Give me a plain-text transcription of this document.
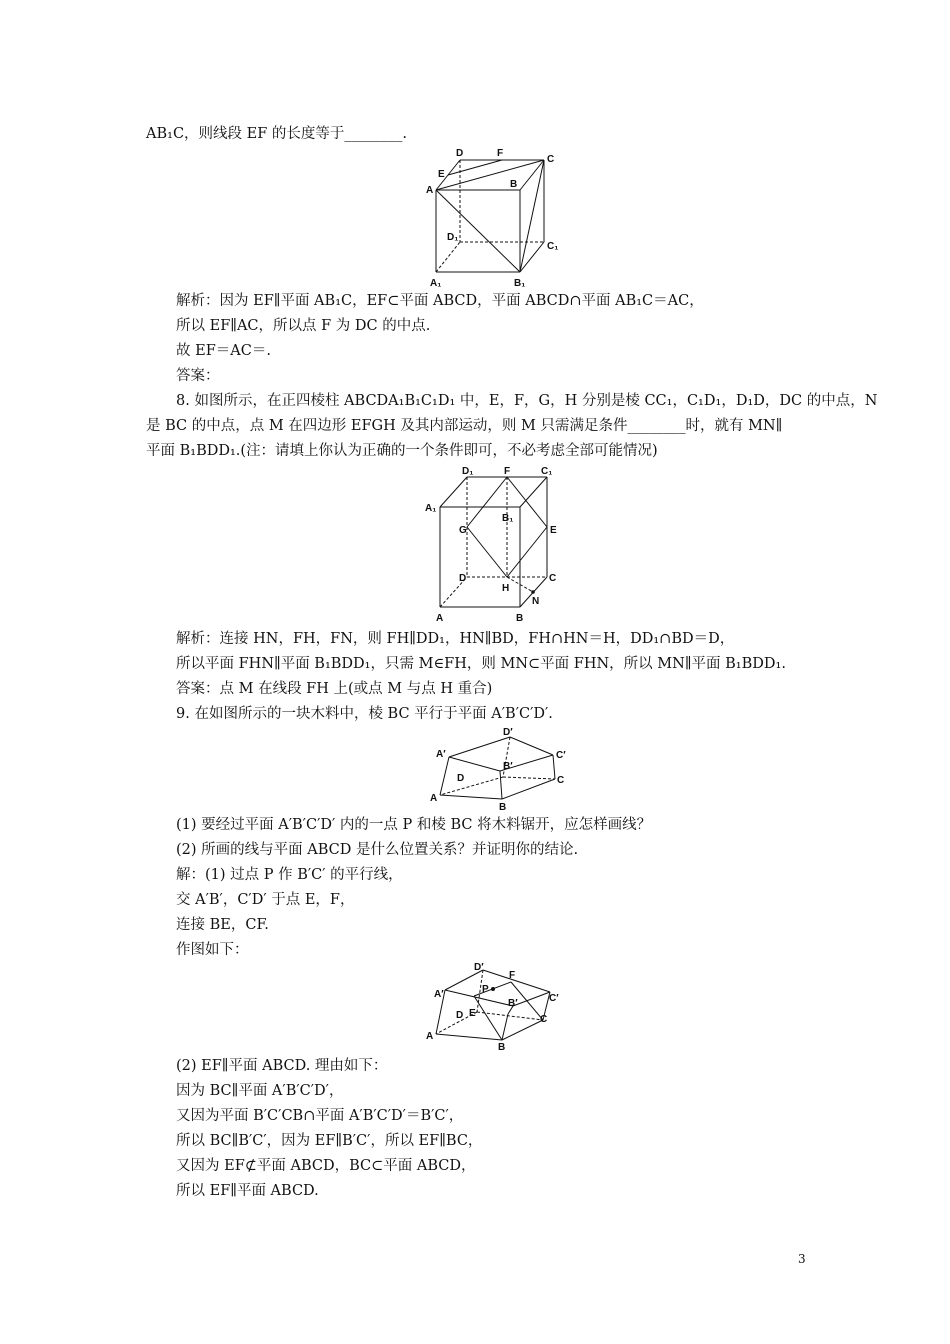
AB₁C，则线段 EF 的长度等于________.
D	F
C
E
A
B
D₁
C₁
A₁	B₁
解析：因为 EF∥平面 AB₁C，EF⊂平面 ABCD，平面 ABCD∩平面 AB₁C＝AC，
所以 EF∥AC，所以点 F 为 DC 的中点.
故 EF＝AC＝.
答案：
8. 如图所示，在正四棱柱 ABCDA₁B₁C₁D₁ 中，E，F，G，H 分别是棱 CC₁，C₁D₁，D₁D，DC 的中点，N
是 BC 的中点，点 M 在四边形 EFGH 及其内部运动，则 M 只需满足条件________时，就有 MN∥
平面 B₁BDD₁.(注：请填上你认为正确的一个条件即可，不必考虑全部可能情况)
D₁	F	C₁
A₁
B₁
G	E
D	C
H
N
A	B
解析：连接 HN，FH，FN，则 FH∥DD₁，HN∥BD，FH∩HN＝H，DD₁∩BD＝D，
所以平面 FHN∥平面 B₁BDD₁，只需 M∈FH，则 MN⊂平面 FHN，所以 MN∥平面 B₁BDD₁.
答案：点 M 在线段 FH 上(或点 M 与点 H 重合)
9. 在如图所示的一块木料中，棱 BC 平行于平面 A′B′C′D′.
D′
A′
B′
C′
D
A
B
C
(1) 要经过平面 A′B′C′D′ 内的一点 P 和棱 BC 将木料锯开，应怎样画线？
(2) 所画的线与平面 ABCD 是什么位置关系？并证明你的结论.
解：(1) 过点 P 作 B′C′ 的平行线，
交 A′B′，C′D′ 于点 E，F，
连接 BE，CF.
作图如下：
D′
F
P
A′
B′	C′
D E
A
B
C
(2) EF∥平面 ABCD. 理由如下：
因为 BC∥平面 A′B′C′D′，
又因为平面 B′C′CB∩平面 A′B′C′D′＝B′C′，
所以 BC∥B′C′，因为 EF∥B′C′，所以 EF∥BC，
又因为 EF⊄平面 ABCD，BC⊂平面 ABCD，
所以 EF∥平面 ABCD.
3
